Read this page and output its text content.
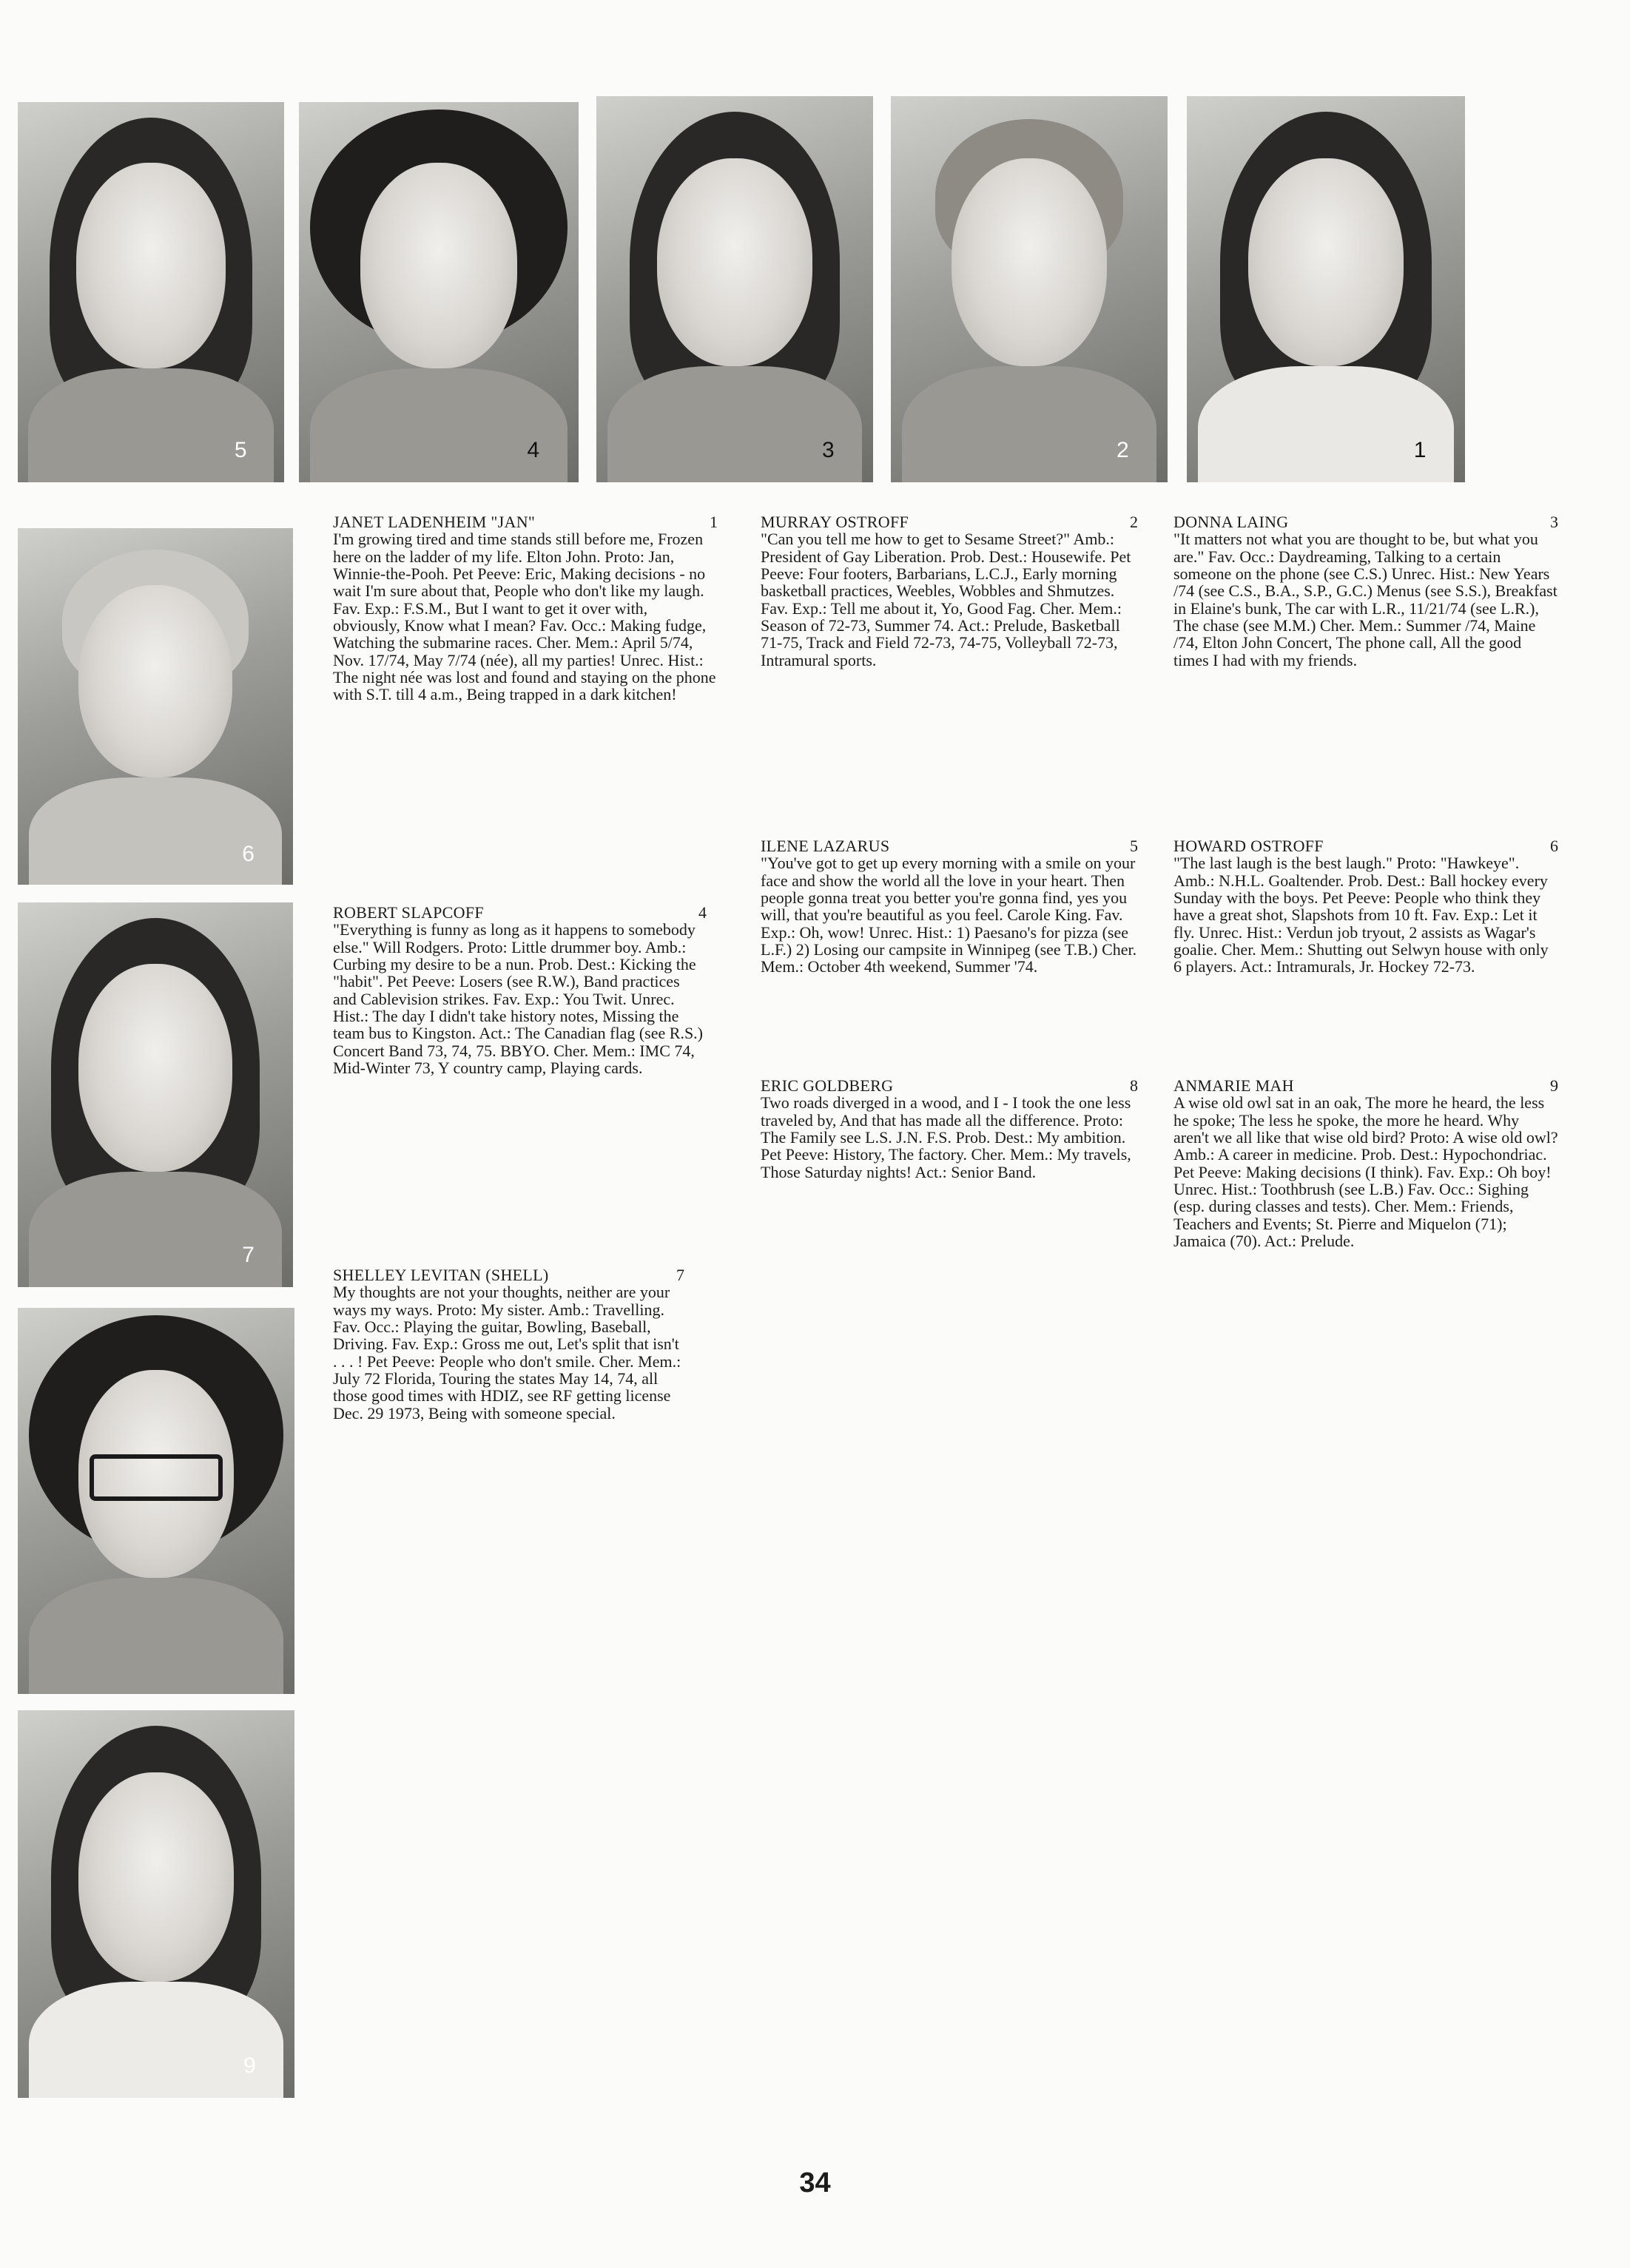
5	4	3	2	1
6
7
9
JANET LADENHEIM "JAN"	1

I'm growing tired and time stands still before me, Frozen here on the ladder of my life. Elton John. Proto: Jan, Winnie-the-Pooh. Pet Peeve: Eric, Making decisions - no wait I'm sure about that, People who don't like my laugh. Fav. Exp.: F.S.M., But I want to get it over with, obviously, Know what I mean? Fav. Occ.: Making fudge, Watching the submarine races. Cher. Mem.: April 5/74, Nov. 17/74, May 7/74 (née), all my parties! Unrec. Hist.: The night née was lost and found and staying on the phone with S.T. till 4 a.m., Being trapped in a dark kitchen!

ROBERT SLAPCOFF	4

"Everything is funny as long as it happens to somebody else." Will Rodgers. Proto: Little drummer boy. Amb.: Curbing my desire to be a nun. Prob. Dest.: Kicking the "habit". Pet Peeve: Losers (see R.W.), Band practices and Cablevision strikes. Fav. Exp.: You Twit. Unrec. Hist.: The day I didn't take history notes, Missing the team bus to Kingston. Act.: The Canadian flag (see R.S.) Concert Band 73, 74, 75. BBYO. Cher. Mem.: IMC 74, Mid-Winter 73, Y country camp, Playing cards.

SHELLEY LEVITAN (SHELL)	7

My thoughts are not your thoughts, neither are your ways my ways. Proto: My sister. Amb.: Travelling. Fav. Occ.: Playing the guitar, Bowling, Baseball, Driving. Fav. Exp.: Gross me out, Let's split that isn't . . . ! Pet Peeve: People who don't smile. Cher. Mem.: July 72 Florida, Touring the states May 14, 74, all those good times with HDIZ, see RF getting license Dec. 29 1973, Being with someone special.

MURRAY OSTROFF	2

"Can you tell me how to get to Sesame Street?" Amb.: President of Gay Liberation. Prob. Dest.: Housewife. Pet Peeve: Four footers, Barbarians, L.C.J., Early morning basketball practices, Weebles, Wobbles and Shmutzes. Fav. Exp.: Tell me about it, Yo, Good Fag. Cher. Mem.: Season of 72-73, Summer 74. Act.: Prelude, Basketball 71-75, Track and Field 72-73, 74-75, Volleyball 72-73, Intramural sports.

ILENE LAZARUS	5

"You've got to get up every morning with a smile on your face and show the world all the love in your heart. Then people gonna treat you better you're gonna find, yes you will, that you're beautiful as you feel. Carole King. Fav. Exp.: Oh, wow! Unrec. Hist.: 1) Paesano's for pizza (see L.F.) 2) Losing our campsite in Winnipeg (see T.B.) Cher. Mem.: October 4th weekend, Summer '74.

ERIC GOLDBERG	8

Two roads diverged in a wood, and I - I took the one less traveled by, And that has made all the difference. Proto: The Family see L.S. J.N. F.S. Prob. Dest.: My ambition. Pet Peeve: History, The factory. Cher. Mem.: My travels, Those Saturday nights! Act.: Senior Band.

DONNA LAING	3

"It matters not what you are thought to be, but what you are." Fav. Occ.: Daydreaming, Talking to a certain someone on the phone (see C.S.) Unrec. Hist.: New Years /74 (see C.S., B.A., S.P., G.C.) Menus (see S.S.), Breakfast in Elaine's bunk, The car with L.R., 11/21/74 (see L.R.), The chase (see M.M.) Cher. Mem.: Summer /74, Maine /74, Elton John Concert, The phone call, All the good times I had with my friends.

HOWARD OSTROFF	6

"The last laugh is the best laugh." Proto: "Hawkeye". Amb.: N.H.L. Goaltender. Prob. Dest.: Ball hockey every Sunday with the boys. Pet Peeve: People who think they have a great shot, Slapshots from 10 ft. Fav. Exp.: Let it fly. Unrec. Hist.: Verdun job tryout, 2 assists as Wagar's goalie. Cher. Mem.: Shutting out Selwyn house with only 6 players. Act.: Intramurals, Jr. Hockey 72-73.

ANMARIE MAH	9

A wise old owl sat in an oak, The more he heard, the less he spoke; The less he spoke, the more he heard. Why aren't we all like that wise old bird? Proto: A wise old owl? Amb.: A career in medicine. Prob. Dest.: Hypochondriac. Pet Peeve: Making decisions (I think). Fav. Exp.: Oh boy! Unrec. Hist.: Toothbrush (see L.B.) Fav. Occ.: Sighing (esp. during classes and tests). Cher. Mem.: Friends, Teachers and Events; St. Pierre and Miquelon (71); Jamaica (70). Act.: Prelude.

34
